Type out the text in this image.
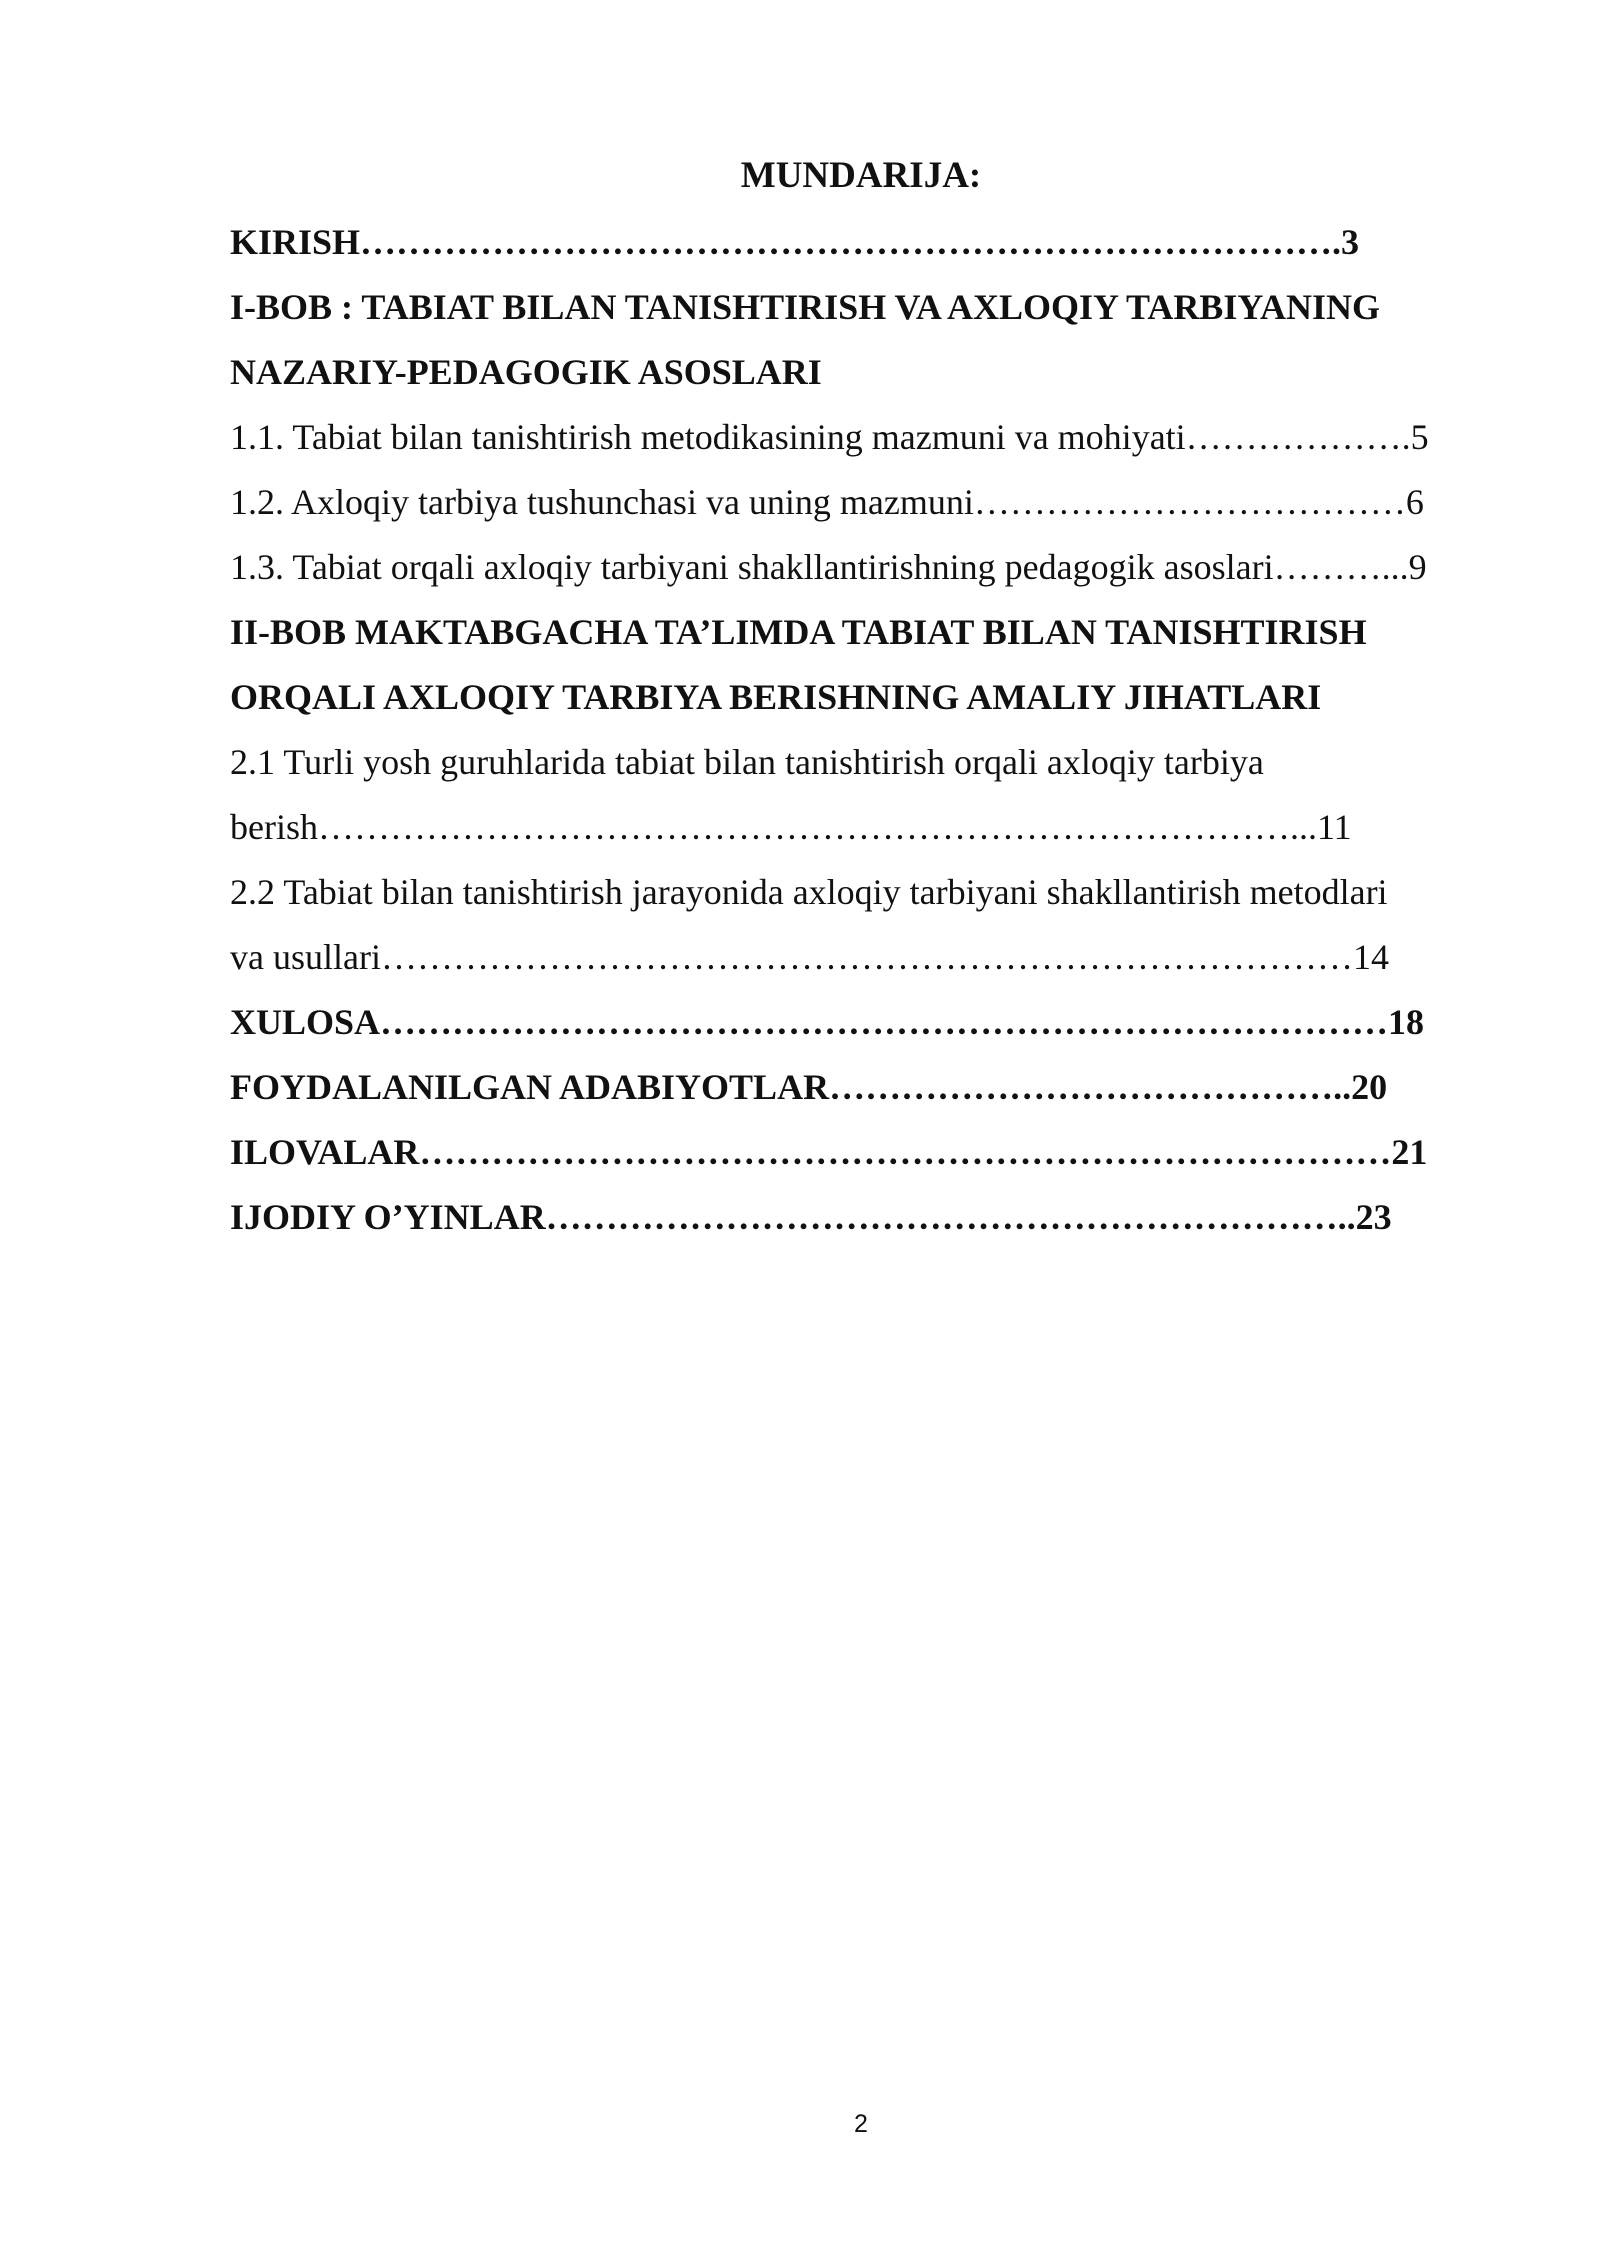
MUNDARIJA:
KIRISH……………………………………………………………………….3
I-BOB : TABIAT BILAN TANISHTIRISH VA AXLOQIY TARBIYANING
NAZARIY-PEDAGOGIK ASOSLARI
1.1. Tabiat bilan tanishtirish metodikasining mazmuni va mohiyati……………….5
1.2. Axloqiy tarbiya tushunchasi va uning mazmuni………………………………6
1.3. Tabiat orqali axloqiy tarbiyani shakllantirishning pedagogik asoslari………...9
II-BOB MAKTABGACHA TA’LIMDA TABIAT BILAN TANISHTIRISH
ORQALI AXLOQIY TARBIYA BERISHNING AMALIY JIHATLARI
2.1 Turli yosh guruhlarida tabiat bilan tanishtirish orqali axloqiy tarbiya
berish………………………………………………………………………...11
2.2 Tabiat bilan tanishtirish jarayonida axloqiy tarbiyani shakllantirish metodlari
va usullari………………………………………………………………………14
XULOSA…………………………………………………………………………18
FOYDALANILGAN ADABIYOTLAR……………………………………..20
ILOVALAR………………………………………………………………………21
IJODIY O’YINLAR…………………………………………………………..23
2
